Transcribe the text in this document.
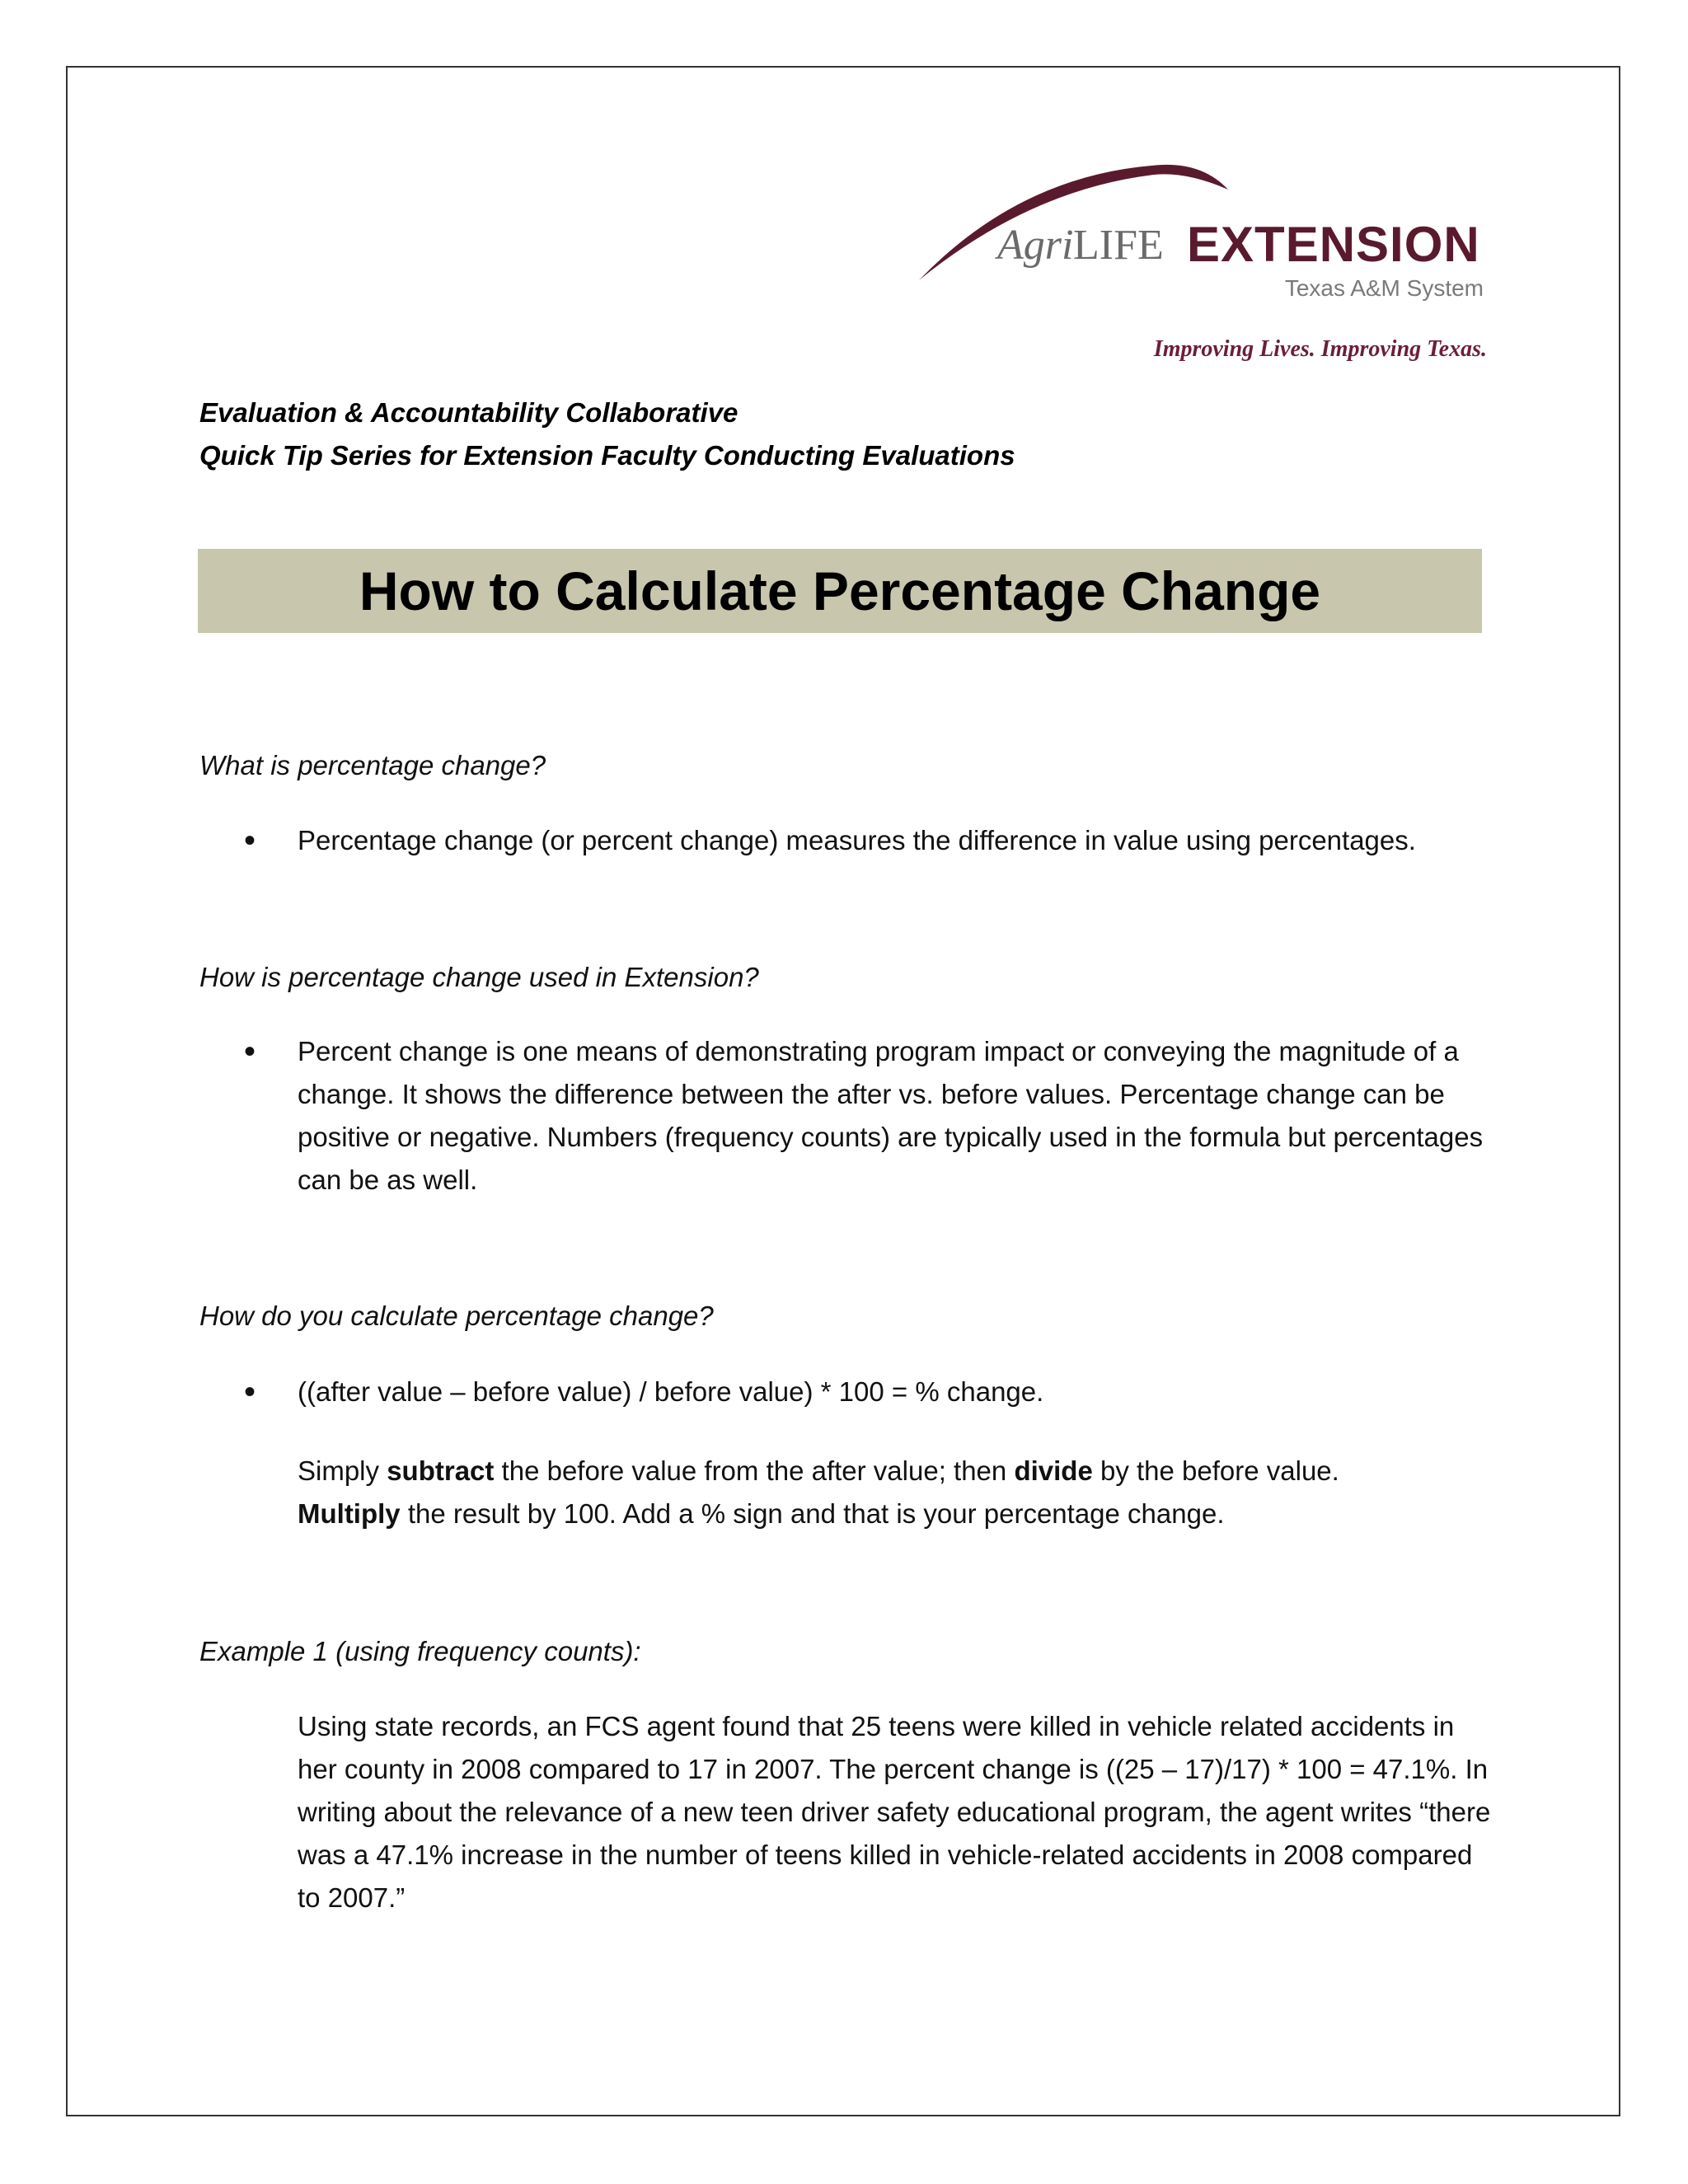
Agri LIFE EXTENSION
Texas A&M System
Improving Lives. Improving Texas.
Evaluation & Accountability Collaborative
Quick Tip Series for Extension Faculty Conducting Evaluations
How to Calculate Percentage Change
What is percentage change?
• Percentage change (or percent change) measures the difference in value using percentages.
How is percentage change used in Extension?
• Percent change is one means of demonstrating program impact or conveying the magnitude of a change. It shows the difference between the after vs. before values. Percentage change can be positive or negative. Numbers (frequency counts) are typically used in the formula but percentages can be as well.
How do you calculate percentage change?
• ((after value – before value) / before value) * 100 = % change.
Simply subtract the before value from the after value; then divide by the before value.
Multiply the result by 100. Add a % sign and that is your percentage change.
Example 1 (using frequency counts):
Using state records, an FCS agent found that 25 teens were killed in vehicle related accidents in her county in 2008 compared to 17 in 2007. The percent change is ((25 – 17)/17) * 100 = 47.1%. In writing about the relevance of a new teen driver safety educational program, the agent writes “there was a 47.1% increase in the number of teens killed in vehicle-related accidents in 2008 compared to 2007.”
